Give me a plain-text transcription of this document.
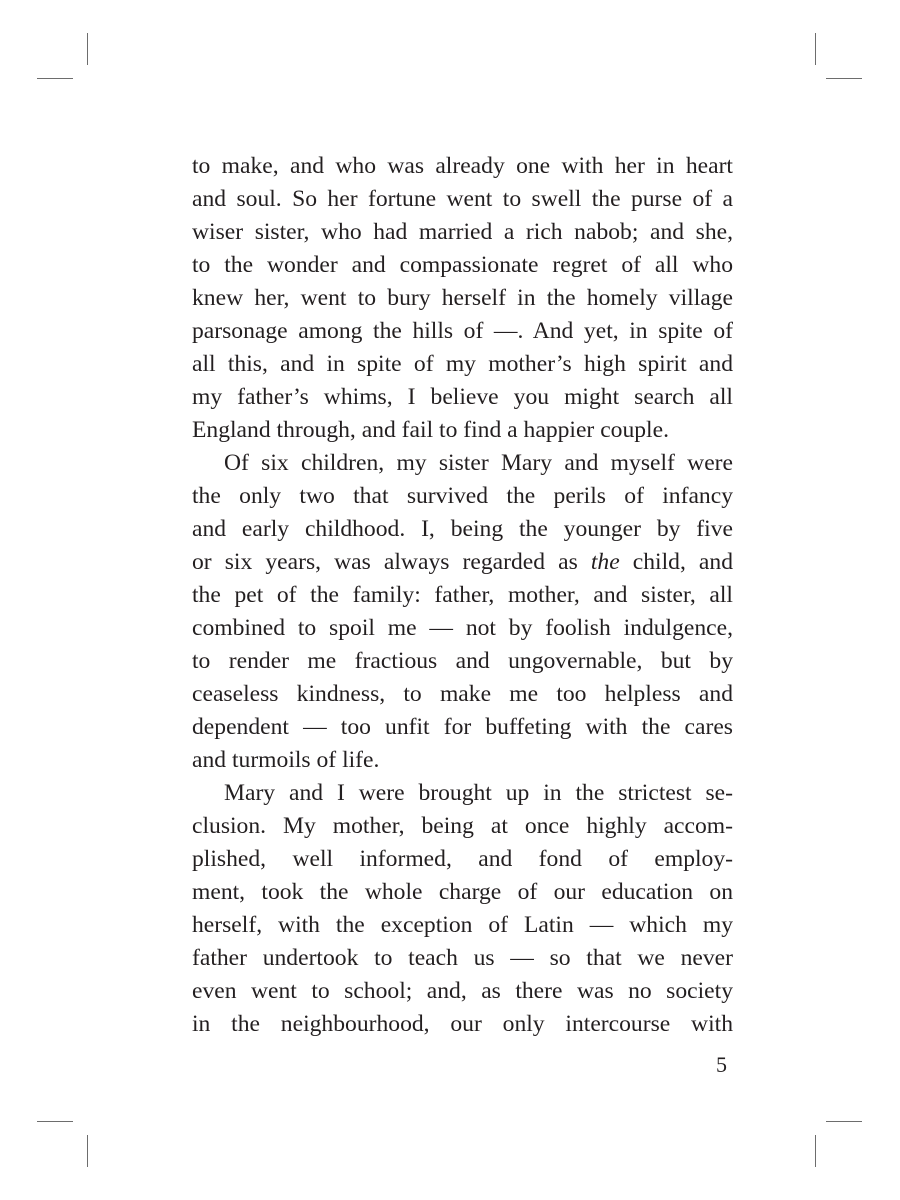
to make, and who was already one with her in heart
and soul. So her fortune went to swell the purse of a
wiser sister, who had married a rich nabob; and she,
to the wonder and compassionate regret of all who
knew her, went to bury herself in the homely village
parsonage among the hills of —. And yet, in spite of
all this, and in spite of my mother’s high spirit and
my father’s whims, I believe you might search all
England through, and fail to find a happier couple.
Of six children, my sister Mary and myself were
the only two that survived the perils of infancy
and early childhood. I, being the younger by five
or six years, was always regarded as the child, and
the pet of the family: father, mother, and sister, all
combined to spoil me — not by foolish indulgence,
to render me fractious and ungovernable, but by
ceaseless kindness, to make me too helpless and
dependent — too unfit for buffeting with the cares
and turmoils of life.
Mary and I were brought up in the strictest se-
clusion. My mother, being at once highly accom-
plished, well informed, and fond of employ-
ment, took the whole charge of our education on
herself, with the exception of Latin — which my
father undertook to teach us — so that we never
even went to school; and, as there was no society
in the neighbourhood, our only intercourse with
5
